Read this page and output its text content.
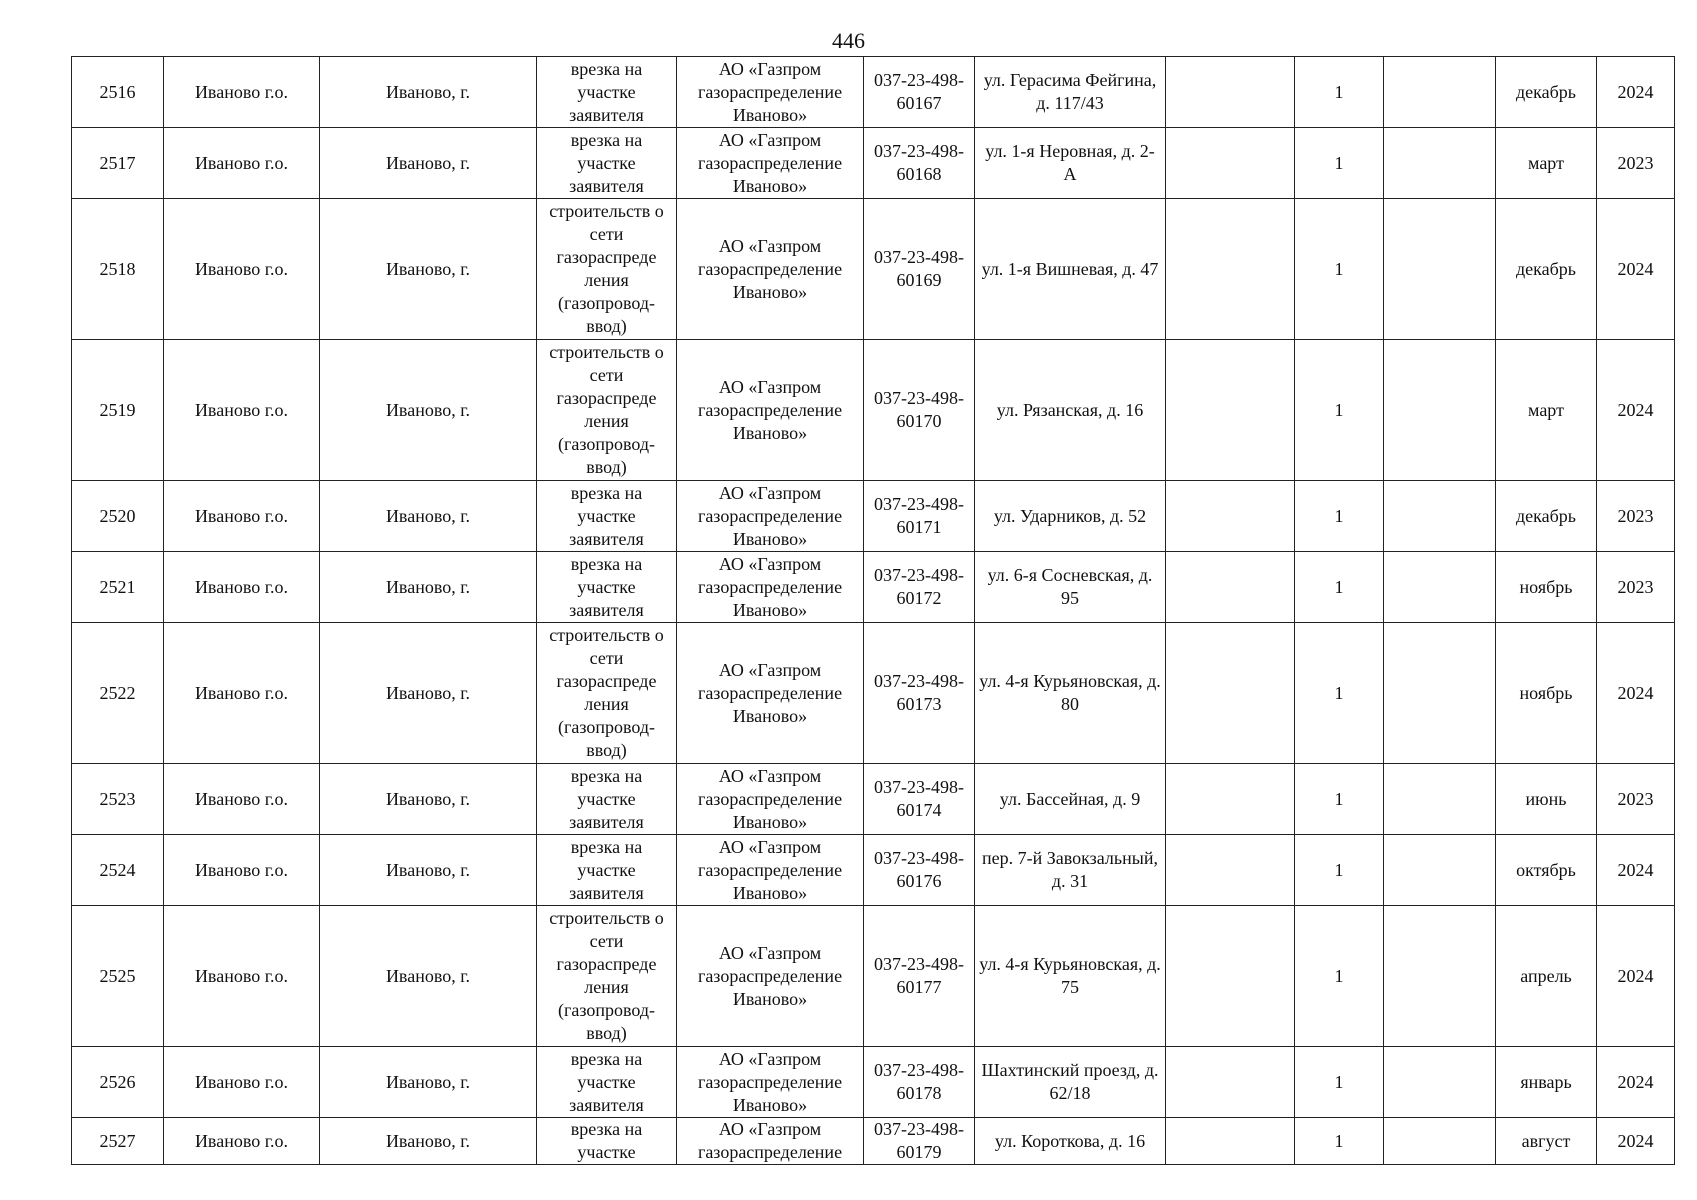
446
2516	Иваново г.о.	Иваново, г.	врезка на участке заявителя	АО «Газпром газораспределение Иваново»	037-23-498-60167	ул. Герасима Фейгина, д. 117/43		1		декабрь	2024
2517	Иваново г.о.	Иваново, г.	врезка на участке заявителя	АО «Газпром газораспределение Иваново»	037-23-498-60168	ул. 1-я Неровная, д. 2-А		1		март	2023
2518	Иваново г.о.	Иваново, г.	строительств о сети газораспреде ления (газопровод-ввод)	АО «Газпром газораспределение Иваново»	037-23-498-60169	ул. 1-я Вишневая, д. 47		1		декабрь	2024
2519	Иваново г.о.	Иваново, г.	строительств о сети газораспреде ления (газопровод-ввод)	АО «Газпром газораспределение Иваново»	037-23-498-60170	ул. Рязанская, д. 16		1		март	2024
2520	Иваново г.о.	Иваново, г.	врезка на участке заявителя	АО «Газпром газораспределение Иваново»	037-23-498-60171	ул. Ударников, д. 52		1		декабрь	2023
2521	Иваново г.о.	Иваново, г.	врезка на участке заявителя	АО «Газпром газораспределение Иваново»	037-23-498-60172	ул. 6-я Сосневская, д. 95		1		ноябрь	2023
2522	Иваново г.о.	Иваново, г.	строительств о сети газораспреде ления (газопровод-ввод)	АО «Газпром газораспределение Иваново»	037-23-498-60173	ул. 4-я Курьяновская, д. 80		1		ноябрь	2024
2523	Иваново г.о.	Иваново, г.	врезка на участке заявителя	АО «Газпром газораспределение Иваново»	037-23-498-60174	ул. Бассейная, д. 9		1		июнь	2023
2524	Иваново г.о.	Иваново, г.	врезка на участке заявителя	АО «Газпром газораспределение Иваново»	037-23-498-60176	пер. 7-й Завокзальный, д. 31		1		октябрь	2024
2525	Иваново г.о.	Иваново, г.	строительств о сети газораспреде ления (газопровод-ввод)	АО «Газпром газораспределение Иваново»	037-23-498-60177	ул. 4-я Курьяновская, д. 75		1		апрель	2024
2526	Иваново г.о.	Иваново, г.	врезка на участке заявителя	АО «Газпром газораспределение Иваново»	037-23-498-60178	Шахтинский проезд, д. 62/18		1		январь	2024
2527	Иваново г.о.	Иваново, г.	врезка на участке	АО «Газпром газораспределение	037-23-498-60179	ул. Короткова, д. 16		1		август	2024
